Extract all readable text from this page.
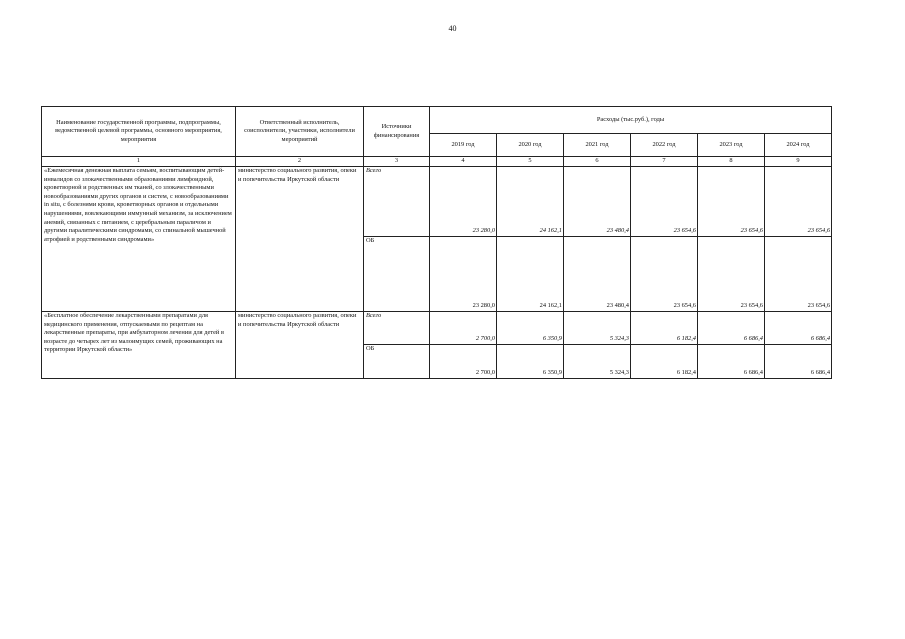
40
Наименование государственной программы, подпрограммы, ведомственной целевой программы, основного мероприятия, мероприятия	Ответственный исполнитель, соисполнители, участники, исполнители мероприятий	Источники финансирования	Расходы (тыс.руб.), годы					
			2019 год	2020 год	2021 год	2022 год	2023 год	2024 год
1	2	3	4	5	6	7	8	9
«Ежемесячная денежная выплата семьям, воспитывающим детей-инвалидов со злокачественными образованиями лимфоидной, кроветворной и родственных им тканей, со злокачественными новообразованиями других органов и систем, с новообразованиями in situ, с болезнями крови, кроветворных органов и отдельными нарушениями, вовлекающими иммунный механизм, за исключением анемий, связанных с питанием, с церебральным параличом и другими паралитическими синдромами, со спинальной мышечной атрофией и родственными синдромами»	министерство социального развития, опеки и попечительства Иркутской области	Всего	23 280,0	24 162,1	23 480,4	23 654,6	23 654,6	23 654,6
		ОБ	23 280,0	24 162,1	23 480,4	23 654,6	23 654,6	23 654,6
«Бесплатное обеспечение лекарственными препаратами для медицинского применения, отпускаемыми по рецептам на лекарственные препараты, при амбулаторном лечении для детей в возрасте до четырех лет из малоимущих семей, проживающих на территории Иркутской области»	министерство социального развития, опеки и попечительства Иркутской области	Всего	2 700,0	6 350,9	5 324,3	6 182,4	6 686,4	6 686,4
		ОБ	2 700,0	6 350,9	5 324,3	6 182,4	6 686,4	6 686,4
